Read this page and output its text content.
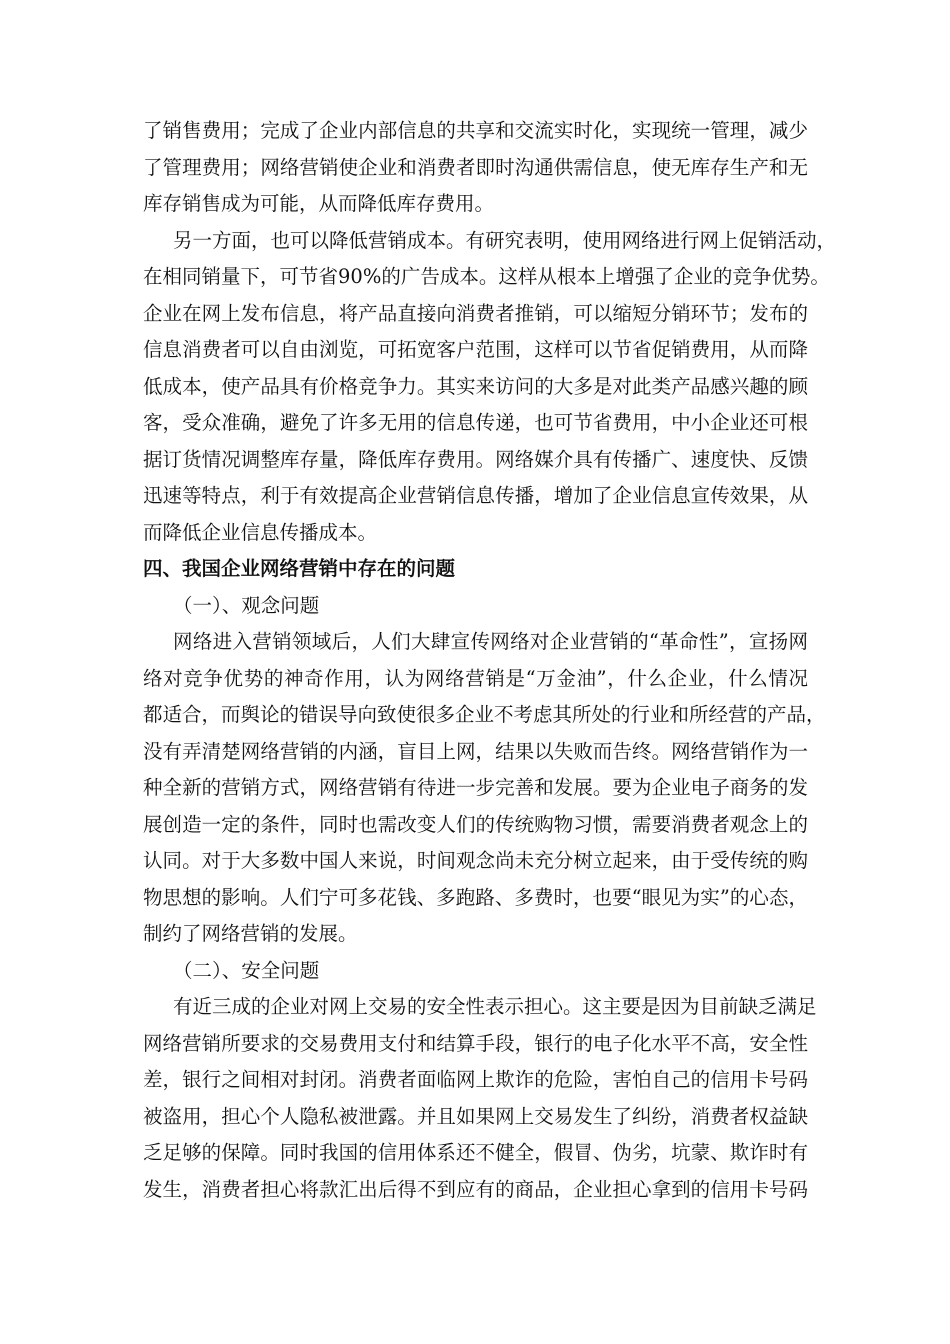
了销售费用；完成了企业内部信息的共享和交流实时化，实现统一管理，减少
了管理费用；网络营销使企业和消费者即时沟通供需信息，使无库存生产和无
库存销售成为可能，从而降低库存费用。
另一方面，也可以降低营销成本。有研究表明，使用网络进行网上促销活动，
在相同销量下，可节省90%的广告成本。这样从根本上增强了企业的竞争优势。
企业在网上发布信息，将产品直接向消费者推销，可以缩短分销环节；发布的
信息消费者可以自由浏览，可拓宽客户范围，这样可以节省促销费用，从而降
低成本，使产品具有价格竞争力。其实来访问的大多是对此类产品感兴趣的顾
客，受众准确，避免了许多无用的信息传递，也可节省费用，中小企业还可根
据订货情况调整库存量，降低库存费用。网络媒介具有传播广、速度快、反馈
迅速等特点，利于有效提高企业营销信息传播，增加了企业信息宣传效果，从
而降低企业信息传播成本。
四、我国企业网络营销中存在的问题
（一）、观念问题
网络进入营销领域后，人们大肆宣传网络对企业营销的“革命性”，宣扬网
络对竞争优势的神奇作用，认为网络营销是“万金油”，什么企业，什么情况
都适合，而舆论的错误导向致使很多企业不考虑其所处的行业和所经营的产品，
没有弄清楚网络营销的内涵，盲目上网，结果以失败而告终。网络营销作为一
种全新的营销方式，网络营销有待进一步完善和发展。要为企业电子商务的发
展创造一定的条件，同时也需改变人们的传统购物习惯，需要消费者观念上的
认同。对于大多数中国人来说，时间观念尚未充分树立起来，由于受传统的购
物思想的影响。人们宁可多花钱、多跑路、多费时，也要“眼见为实”的心态，
制约了网络营销的发展。
（二）、安全问题
有近三成的企业对网上交易的安全性表示担心。这主要是因为目前缺乏满足
网络营销所要求的交易费用支付和结算手段，银行的电子化水平不高，安全性
差，银行之间相对封闭。消费者面临网上欺诈的危险，害怕自己的信用卡号码
被盗用，担心个人隐私被泄露。并且如果网上交易发生了纠纷，消费者权益缺
乏足够的保障。同时我国的信用体系还不健全，假冒、伪劣，坑蒙、欺诈时有
发生，消费者担心将款汇出后得不到应有的商品，企业担心拿到的信用卡号码
